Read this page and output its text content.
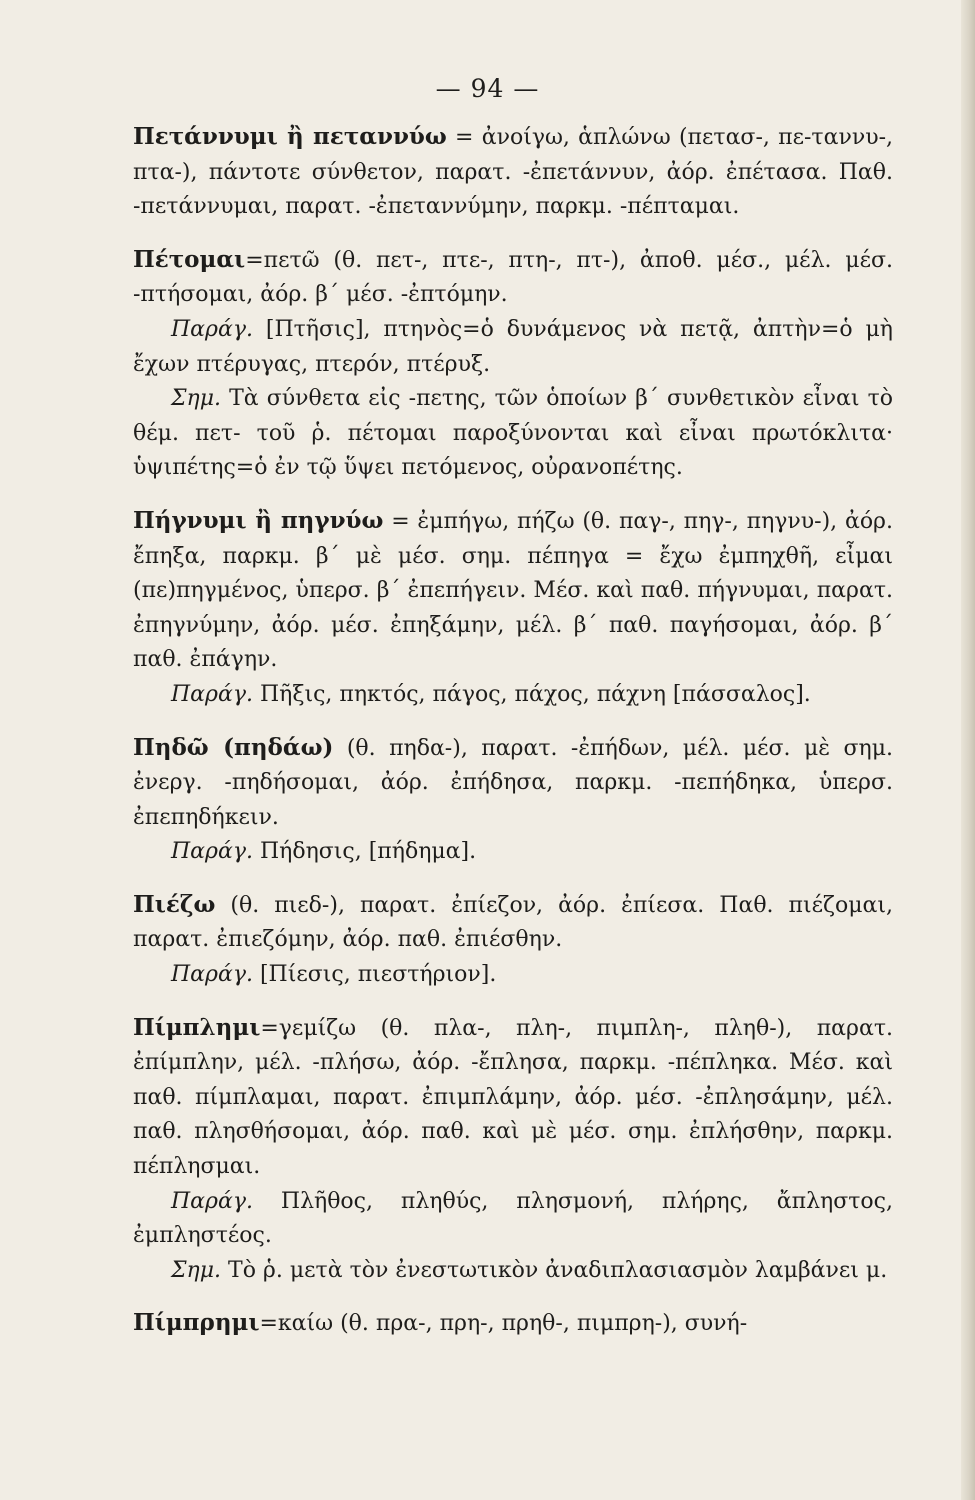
— 94 —

Πετάννυμι ἢ πεταννύω = ἀνοίγω, ἁπλώνω (πετασ-, πε-ταννυ-, πτα-), πάντοτε σύνθετον, παρατ. -ἐπετάννυν, ἀόρ. ἐπέτασα. Παθ. -πετάννυμαι, παρατ. -ἐπεταννύμην, παρκμ. -πέπταμαι.

Πέτομαι=πετῶ (θ. πετ-, πτε-, πτη-, πτ-), ἀποθ. μέσ., μέλ. μέσ. -πτήσομαι, ἀόρ. β΄ μέσ. -ἐπτόμην.

Παράγ. [Πτῆσις], πτηνὸς=ὁ δυνάμενος νὰ πετᾷ, ἀπτὴν=ὁ μὴ ἔχων πτέρυγας, πτερόν, πτέρυξ.

Σημ. Τὰ σύνθετα εἰς -πετης, τῶν ὁποίων β΄ συνθετικὸν εἶναι τὸ θέμ. πετ- τοῦ ῥ. πέτομαι παροξύνονται καὶ εἶναι πρωτόκλιτα· ὑψιπέτης=ὁ ἐν τῷ ὕψει πετόμενος, οὐρανοπέτης.

Πήγνυμι ἢ πηγνύω = ἐμπήγω, πήζω (θ. παγ-, πηγ-, πηγνυ-), ἀόρ. ἔπηξα, παρκμ. β΄ μὲ μέσ. σημ. πέπηγα = ἔχω ἐμπηχθῆ, εἶμαι (πε)πηγμένος, ὑπερσ. β΄ ἐπεπήγειν. Μέσ. καὶ παθ. πήγνυμαι, παρατ. ἐπηγνύμην, ἀόρ. μέσ. ἐπηξάμην, μέλ. β΄ παθ. παγήσομαι, ἀόρ. β΄ παθ. ἐπάγην.

Παράγ. Πῆξις, πηκτός, πάγος, πάχος, πάχνη [πάσσαλος].

Πηδῶ (πηδάω) (θ. πηδα-), παρατ. -ἐπήδων, μέλ. μέσ. μὲ σημ. ἐνεργ. -πηδήσομαι, ἀόρ. ἐπήδησα, παρκμ. -πεπήδηκα, ὑπερσ. ἐπεπηδήκειν.

Παράγ. Πήδησις, [πήδημα].

Πιέζω (θ. πιεδ-), παρατ. ἐπίεζον, ἀόρ. ἐπίεσα. Παθ. πιέζομαι, παρατ. ἐπιεζόμην, ἀόρ. παθ. ἐπιέσθην.

Παράγ. [Πίεσις, πιεστήριον].

Πίμπλημι=γεμίζω (θ. πλα-, πλη-, πιμπλη-, πληθ-), παρατ. ἐπίμπλην, μέλ. -πλήσω, ἀόρ. -ἔπλησα, παρκμ. -πέπληκα. Μέσ. καὶ παθ. πίμπλαμαι, παρατ. ἐπιμπλάμην, ἀόρ. μέσ. -ἐπλησάμην, μέλ. παθ. πλησθήσομαι, ἀόρ. παθ. καὶ μὲ μέσ. σημ. ἐπλήσθην, παρκμ. πέπλησμαι.

Παράγ. Πλῆθος, πληθύς, πλησμονή, πλήρης, ἄπληστος, ἐμπληστέος.

Σημ. Τὸ ῥ. μετὰ τὸν ἐνεστωτικὸν ἀναδιπλασιασμὸν λαμβάνει μ.

Πίμπρημι=καίω (θ. πρα-, πρη-, πρηθ-, πιμπρη-), συνή-
